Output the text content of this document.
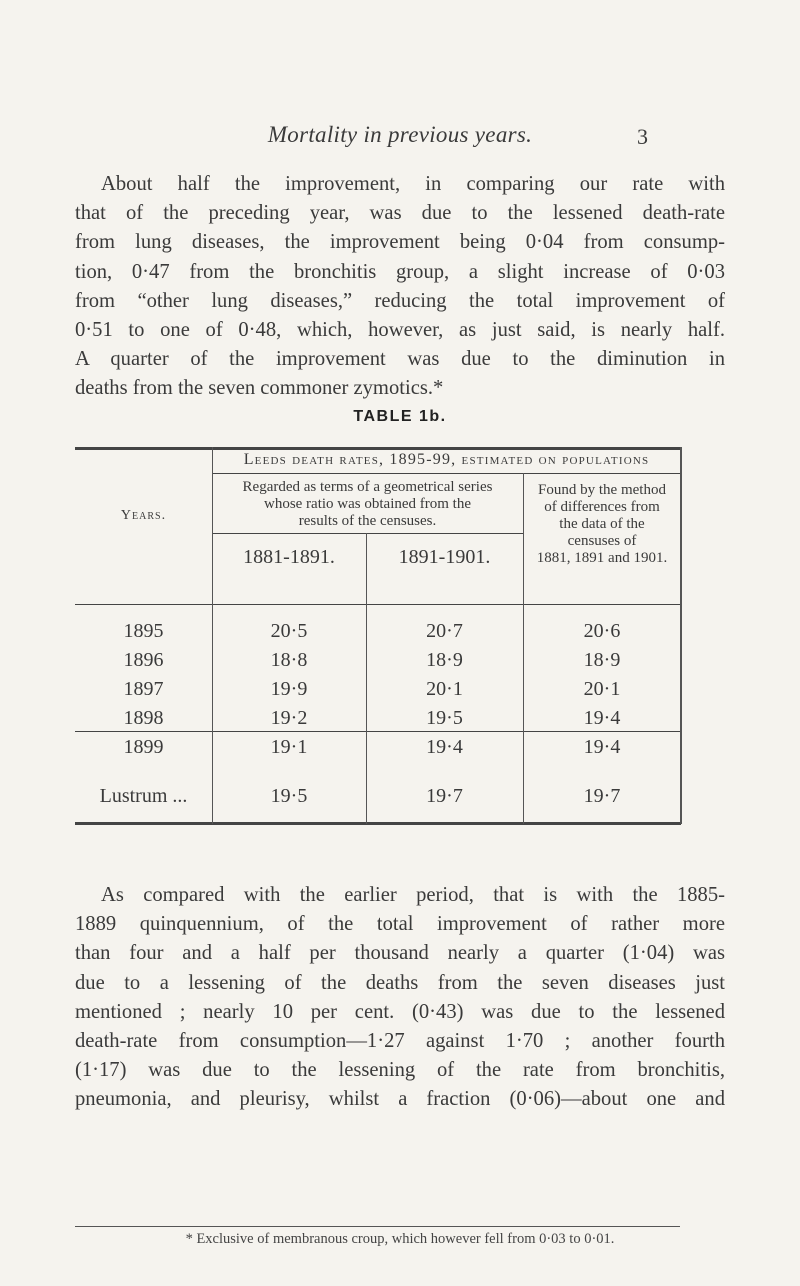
Mortality in previous years.	3
About half the improvement, in comparing our rate with
that of the preceding year, was due to the lessened death-rate
from lung diseases, the improvement being 0·04 from consump-
tion, 0·47 from the bronchitis group, a slight increase of 0·03
from “other lung diseases,” reducing the total improvement of
0·51 to one of 0·48, which, however, as just said, is nearly half.
A quarter of the improvement was due to the diminution in
deaths from the seven commoner zymotics.*
TABLE 1b.
Years.
Leeds death rates, 1895-99, estimated on populations
Regarded as terms of a geometrical series
whose ratio was obtained from the
results of the censuses.
Found by the method
of differences from
the data of the
censuses of
1881, 1891 and 1901.
1881-1891.	1891-1901.
1895	20·5	20·7	20·6
1896	18·8	18·9	18·9
1897	19·9	20·1	20·1
1898	19·2	19·5	19·4
1899	19·1	19·4	19·4
Lustrum ...	19·5	19·7	19·7
As compared with the earlier period, that is with the 1885-
1889 quinquennium, of the total improvement of rather more
than four and a half per thousand nearly a quarter (1·04) was
due to a lessening of the deaths from the seven diseases just
mentioned ; nearly 10 per cent. (0·43) was due to the lessened
death-rate from consumption—1·27 against 1·70 ; another fourth
(1·17) was due to the lessening of the rate from bronchitis,
pneumonia, and pleurisy, whilst a fraction (0·06)—about one and
* Exclusive of membranous croup, which however fell from 0·03 to 0·01.
